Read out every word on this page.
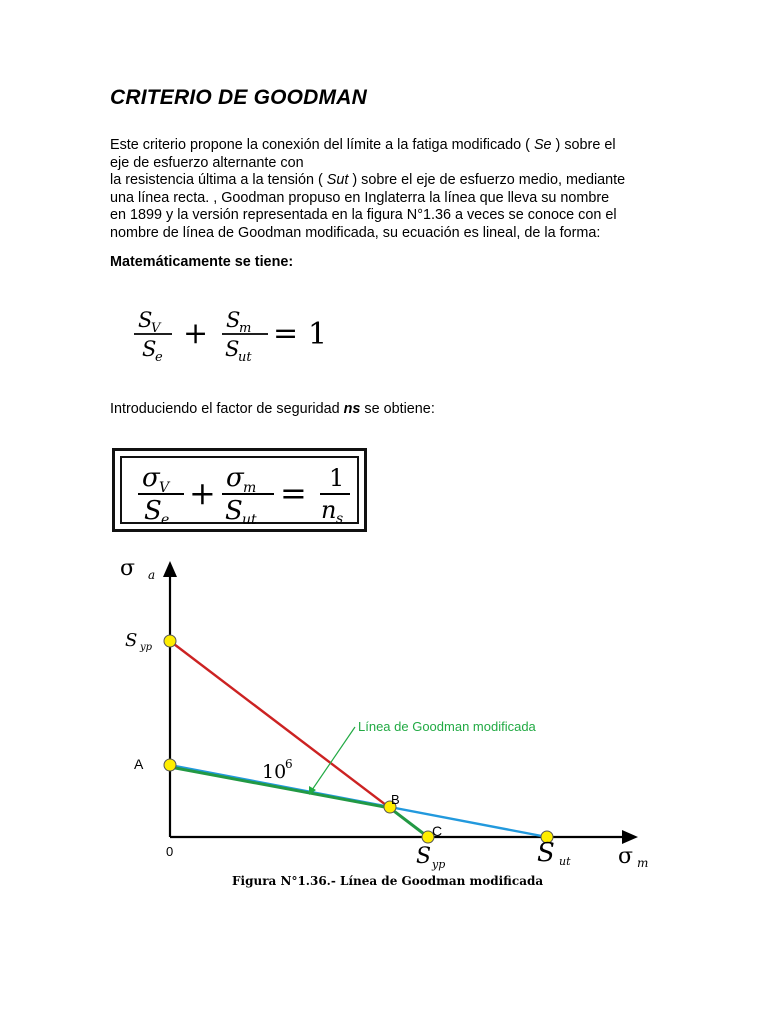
CRITERIO DE GOODMAN
Este criterio propone la conexión del límite a la fatiga modificado ( Se ) sobre el
eje de esfuerzo alternante con
la resistencia última a la tensión ( Sut ) sobre el eje de esfuerzo medio, mediante
una línea recta. , Goodman propuso en Inglaterra la línea que lleva su nombre
en 1899 y la versión representada en la figura N°1.36 a veces se conoce con el
nombre de línea de Goodman modificada, su ecuación es lineal, de la forma:
Matemáticamente se tiene:
S
V
S
e
+ S
m
S
ut
= 1
Introduciendo el factor de seguridad ns se obtiene:
σ V
S e
+ σ m
S ut
= 1
n s
Línea de Goodman modificada
10
6
σ a
σ m
S yp
A
B
C
0	S yp	S ut
Figura N°1.36.- Línea de Goodman modificada
